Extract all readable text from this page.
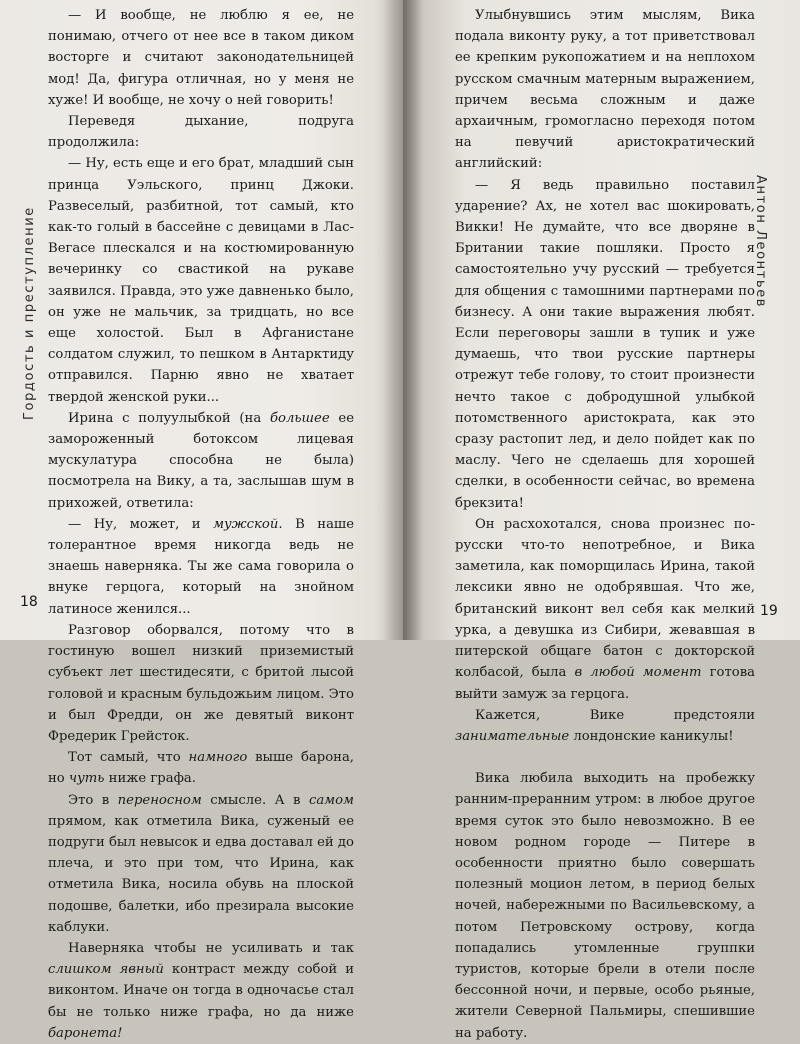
Гордость и преступление

— И вообще, не люблю я ее, не понимаю, отчего от нее все в таком диком восторге и считают законодательницей мод! Да, фигура отличная, но у меня не хуже! И вообще, не хочу о ней говорить!

Переведя дыхание, подруга продолжила:

— Ну, есть еще и его брат, младший сын принца Уэльского, принц Джоки. Развеселый, разбитной, тот самый, кто как-то голый в бассейне с девицами в Лас-Вегасе плескался и на костюмированную вечеринку со свастикой на рукаве заявился. Правда, это уже давненько было, он уже не мальчик, за тридцать, но все еще холостой. Был в Афганистане солдатом служил, то пешком в Антарктиду отправился. Парню явно не хватает твердой женской руки...

Ирина с полуулыбкой (на большее ее замороженный ботоксом лицевая мускулатура способна не была) посмотрела на Вику, а та, заслышав шум в прихожей, ответила:

— Ну, может, и мужской. В наше толерантное время никогда ведь не знаешь наверняка. Ты же сама говорила о внуке герцога, который на знойном латиносе женился...

Разговор оборвался, потому что в гостиную вошел низкий приземистый субъект лет шестидесяти, с бритой лысой головой и красным бульдожьим лицом. Это и был Фредди, он же девятый виконт Фредерик Грейсток.

Тот самый, что намного выше барона, но чуть ниже графа.

Это в переносном смысле. А в самом прямом, как отметила Вика, суженый ее подруги был невысок и едва доставал ей до плеча, и это при том, что Ирина, как отметила Вика, носила обувь на плоской подошве, балетки, ибо презирала высокие каблуки.

Наверняка чтобы не усиливать и так слишком явный контраст между собой и виконтом. Иначе он тогда в одночасье стал бы не только ниже графа, но да ниже баронета!

18

Улыбнувшись этим мыслям, Вика подала виконту руку, а тот приветствовал ее крепким рукопожатием и на неплохом русском смачным матерным выражением, причем весьма сложным и даже архаичным, громогласно переходя потом на певучий аристократический английский:

— Я ведь правильно поставил ударение? Ах, не хотел вас шокировать, Викки! Не думайте, что все дворяне в Британии такие пошляки. Просто я самостоятельно учу русский — требуется для общения с тамошними партнерами по бизнесу. А они такие выражения любят. Если переговоры зашли в тупик и уже думаешь, что твои русские партнеры отрежут тебе голову, то стоит произнести нечто такое с добродушной улыбкой потомственного аристократа, как это сразу растопит лед, и дело пойдет как по маслу. Чего не сделаешь для хорошей сделки, в особенности сейчас, во времена брекзита!

Он расхохотался, снова произнес по-русски что-то непотребное, и Вика заметила, как поморщилась Ирина, такой лексики явно не одобрявшая. Что же, британский виконт вел себя как мелкий урка, а девушка из Сибири, жевавшая в питерской общаге батон с докторской колбасой, была в любой момент готова выйти замуж за герцога.

Кажется, Вике предстояли занимательные лондонские каникулы!

Вика любила выходить на пробежку ранним-преранним утром: в любое другое время суток это было невозможно. В ее новом родном городе — Питере в особенности приятно было совершать полезный моцион летом, в период белых ночей, набережными по Васильевскому, а потом Петровскому острову, когда попадались утомленные группки туристов, которые брели в отели после бессонной ночи, и первые, особо рьяные, жители Северной Пальмиры, спешившие на работу.

Антон Леонтьев
19
